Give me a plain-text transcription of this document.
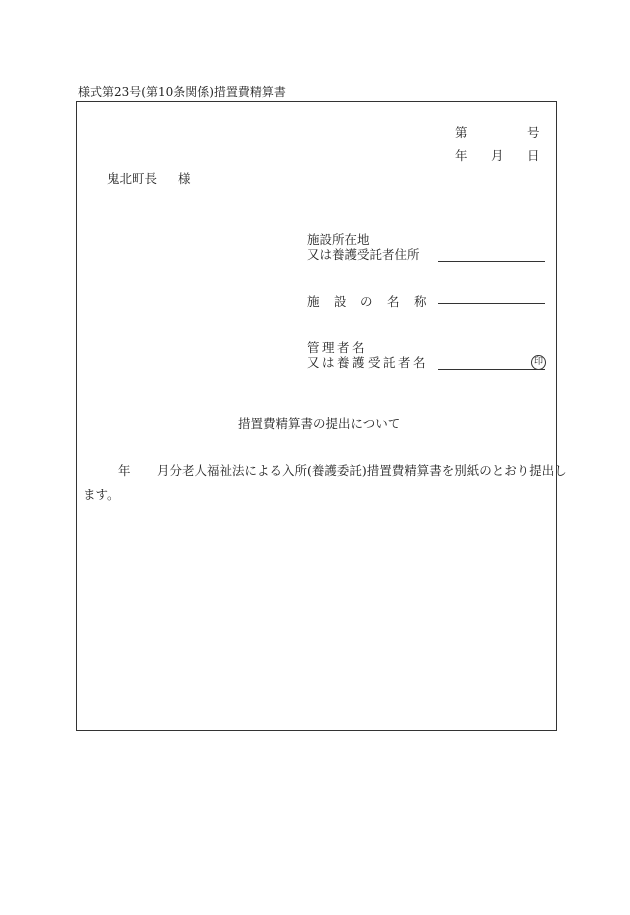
様式第23号(第10条関係)措置費精算書
第	号
年 月 日
鬼北町長 様
施設所在地
又は養護受託者住所
施 設 の 名 称
管 理 者 名
又 は 養 護 受 託 者 名	印
措置費精算書の提出について
年 月分老人福祉法による入所(養護委託)措置費精算書を別紙のとおり提出し
ます。
